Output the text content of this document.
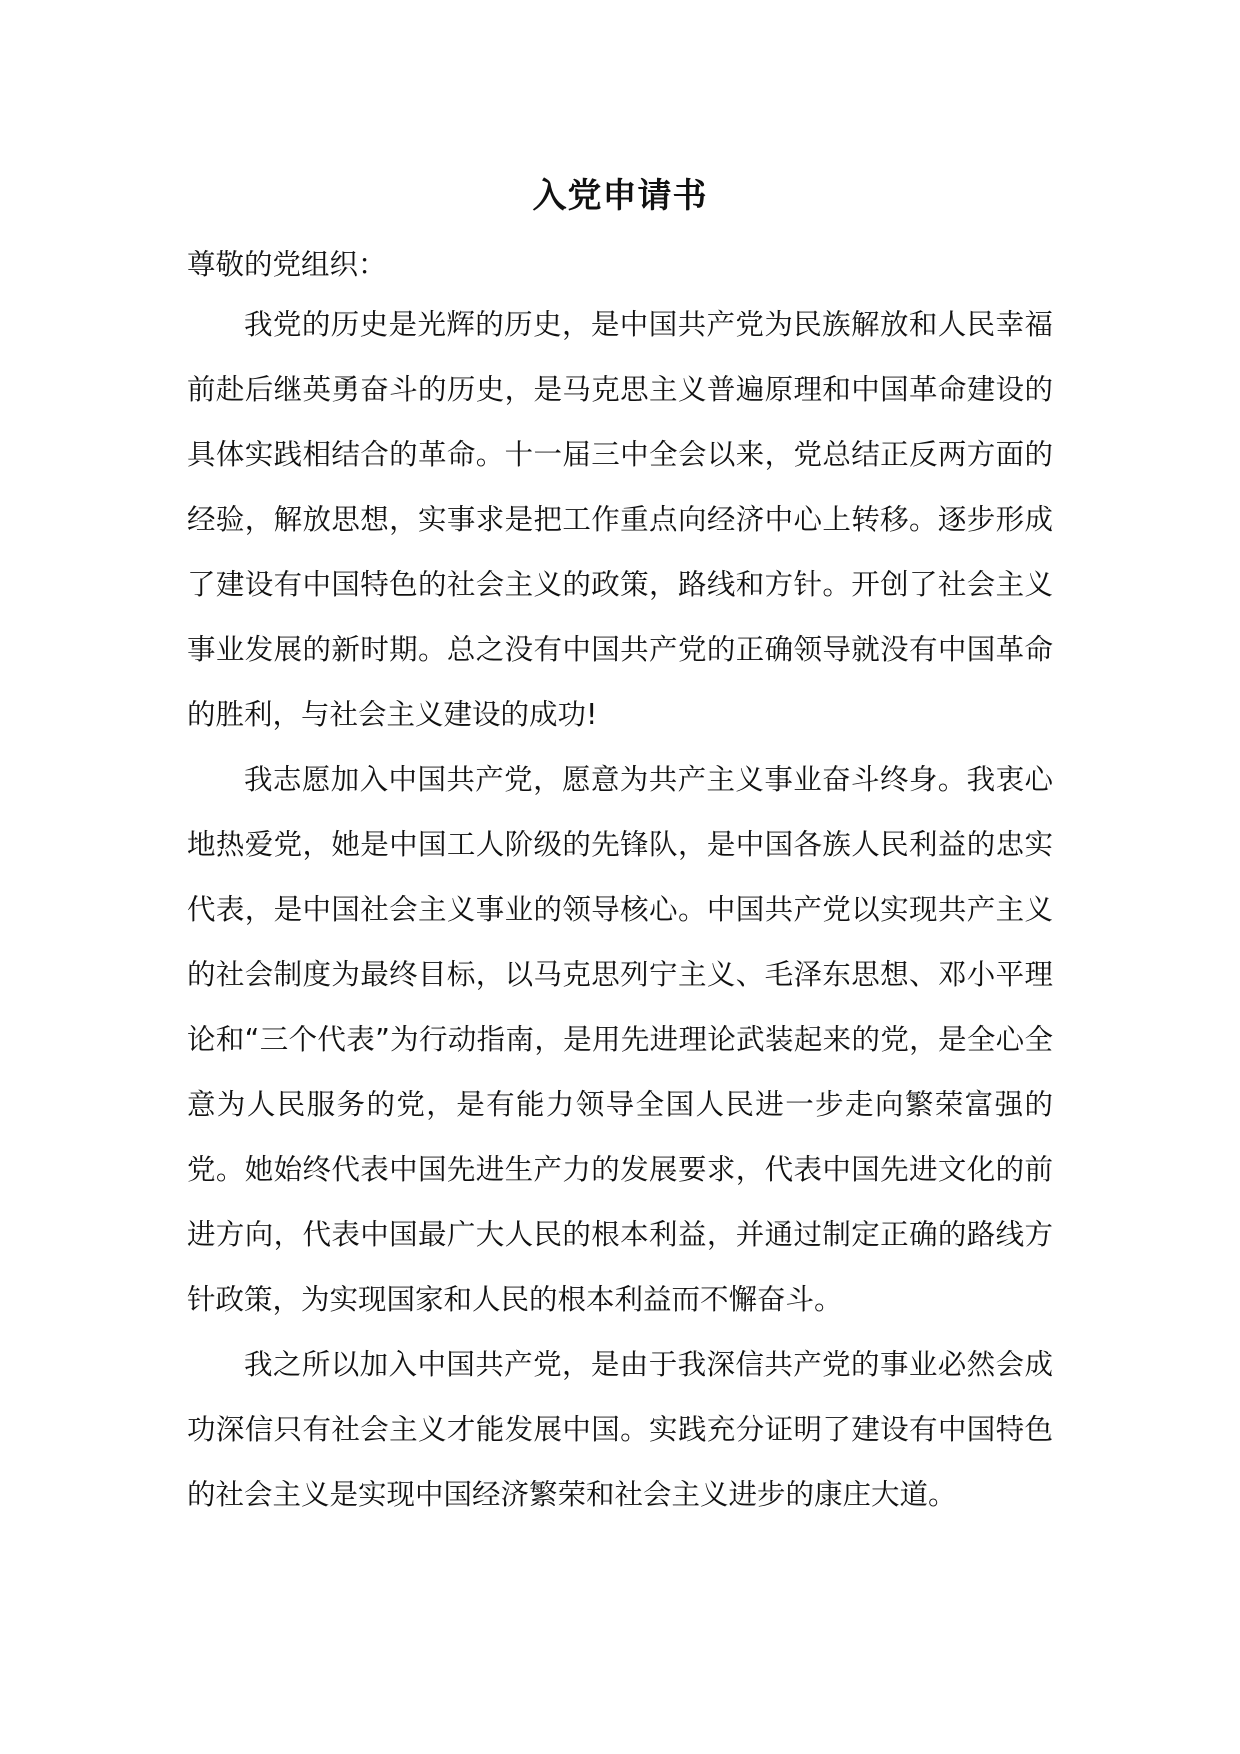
入党申请书

尊敬的党组织：

我党的历史是光辉的历史，是中国共产党为民族解放和人民幸福前赴后继英勇奋斗的历史，是马克思主义普遍原理和中国革命建设的具体实践相结合的革命。十一届三中全会以来，党总结正反两方面的经验，解放思想，实事求是把工作重点向经济中心上转移。逐步形成了建设有中国特色的社会主义的政策，路线和方针。开创了社会主义事业发展的新时期。总之没有中国共产党的正确领导就没有中国革命的胜利，与社会主义建设的成功!

我志愿加入中国共产党，愿意为共产主义事业奋斗终身。我衷心地热爱党，她是中国工人阶级的先锋队，是中国各族人民利益的忠实代表，是中国社会主义事业的领导核心。中国共产党以实现共产主义的社会制度为最终目标，以马克思列宁主义、毛泽东思想、邓小平理论和“三个代表”为行动指南，是用先进理论武装起来的党，是全心全意为人民服务的党，是有能力领导全国人民进一步走向繁荣富强的党。她始终代表中国先进生产力的发展要求，代表中国先进文化的前进方向，代表中国最广大人民的根本利益，并通过制定正确的路线方针政策，为实现国家和人民的根本利益而不懈奋斗。

我之所以加入中国共产党，是由于我深信共产党的事业必然会成功深信只有社会主义才能发展中国。实践充分证明了建设有中国特色的社会主义是实现中国经济繁荣和社会主义进步的康庄大道。
